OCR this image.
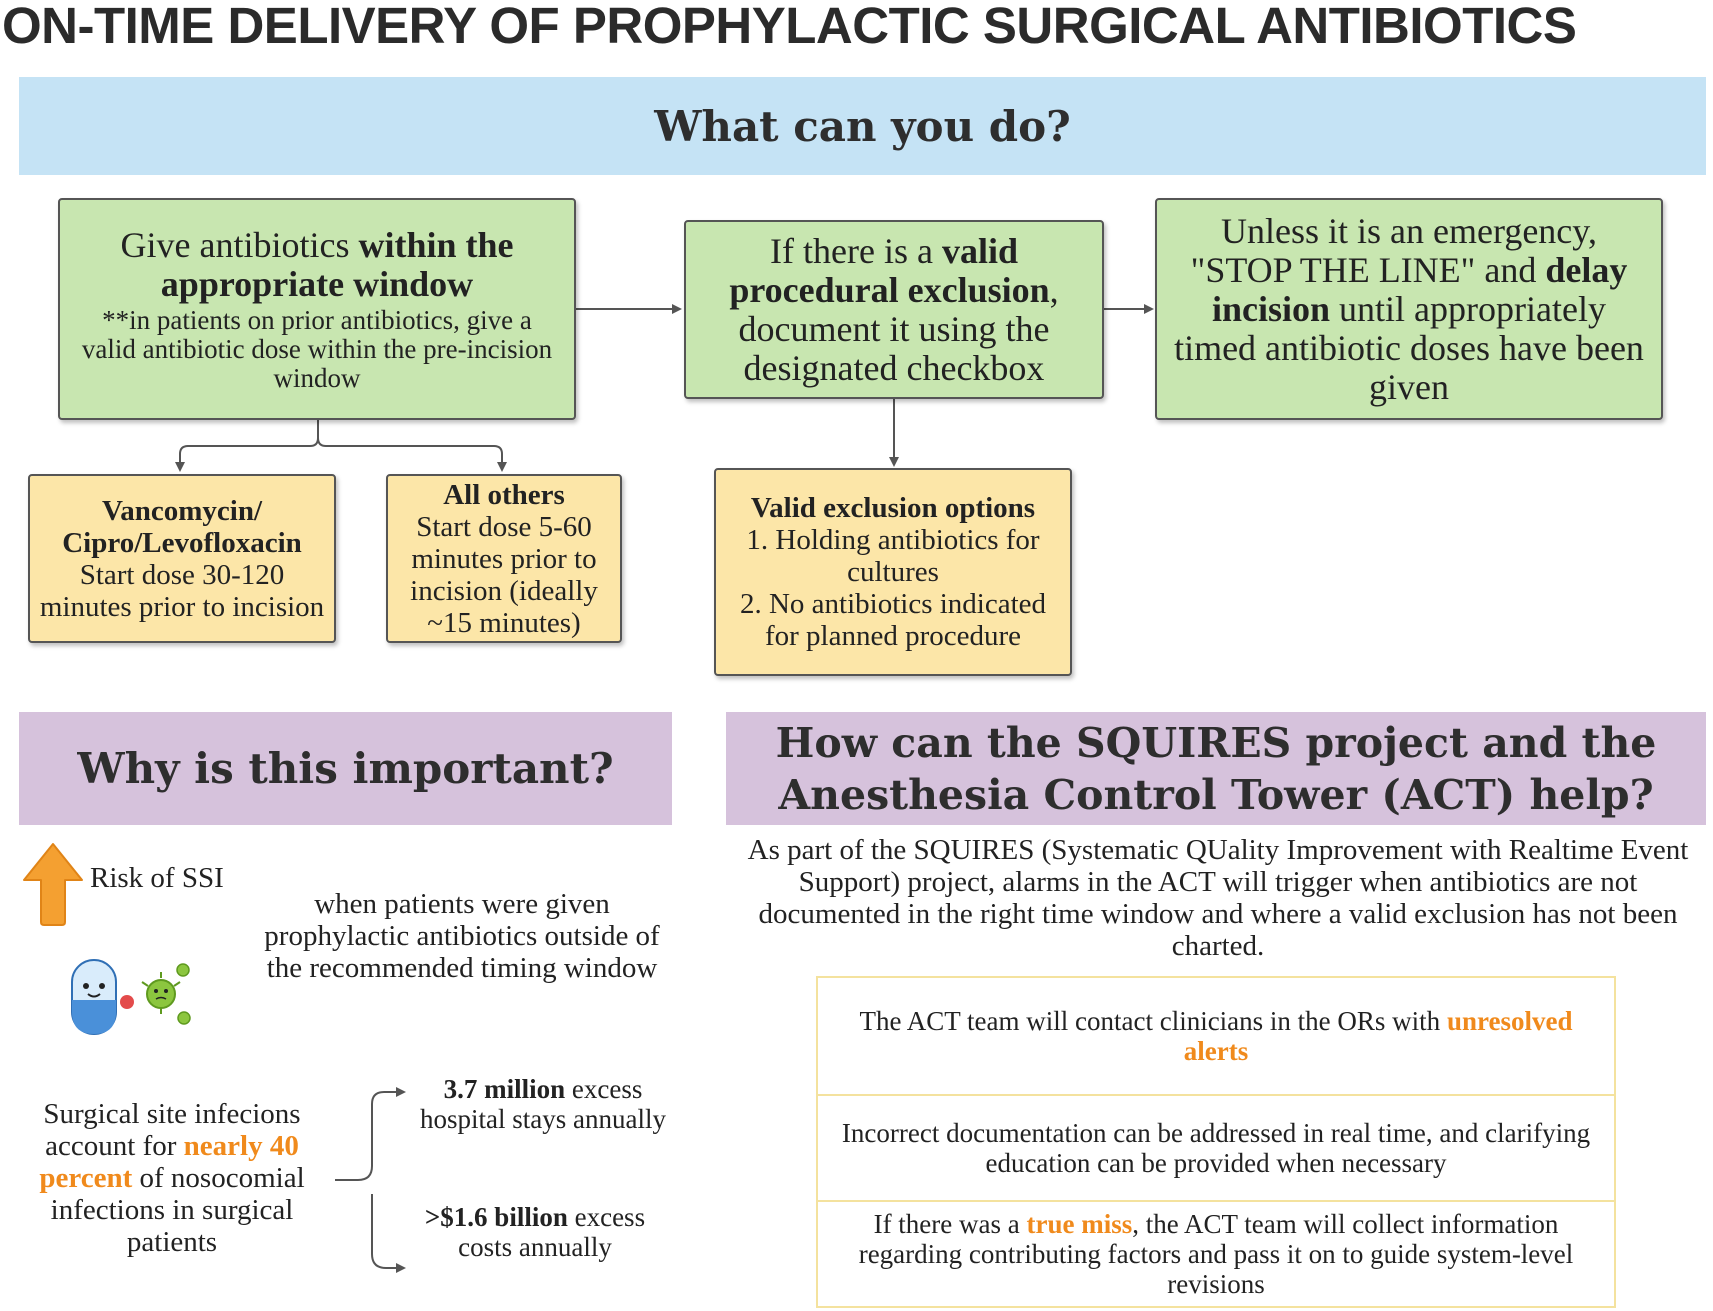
ON-TIME DELIVERY OF PROPHYLACTIC SURGICAL ANTIBIOTICS
What can you do?
Give antibiotics within the appropriate window
**in patients on prior antibiotics, give a valid antibiotic dose within the pre-incision window
If there is a valid procedural exclusion, document it using the designated checkbox
Unless it is an emergency, "STOP THE LINE" and delay incision until appropriately timed antibiotic doses have been given
Vancomycin/ Cipro/Levofloxacin
Start dose 30-120 minutes prior to incision
All others
Start dose 5-60 minutes prior to incision (ideally ~15 minutes)
Valid exclusion options
1. Holding antibiotics for cultures
2. No antibiotics indicated for planned procedure
Why is this important?
How can the SQUIRES project and the Anesthesia Control Tower (ACT) help?
Risk of SSI
when patients were given prophylactic antibiotics outside of the recommended timing window
Surgical site infecions account for nearly 40 percent of nosocomial infections in surgical patients
3.7 million excess hospital stays annually
>$1.6 billion excess costs annually
As part of the SQUIRES (Systematic QUality Improvement with Realtime Event Support) project, alarms in the ACT will trigger when antibiotics are not documented in the right time window and where a valid exclusion has not been charted.
The ACT team will contact clinicians in the ORs with unresolved alerts
Incorrect documentation can be addressed in real time, and clarifying education can be provided when necessary
If there was a true miss, the ACT team will collect information regarding contributing factors and pass it on to guide system-level revisions
